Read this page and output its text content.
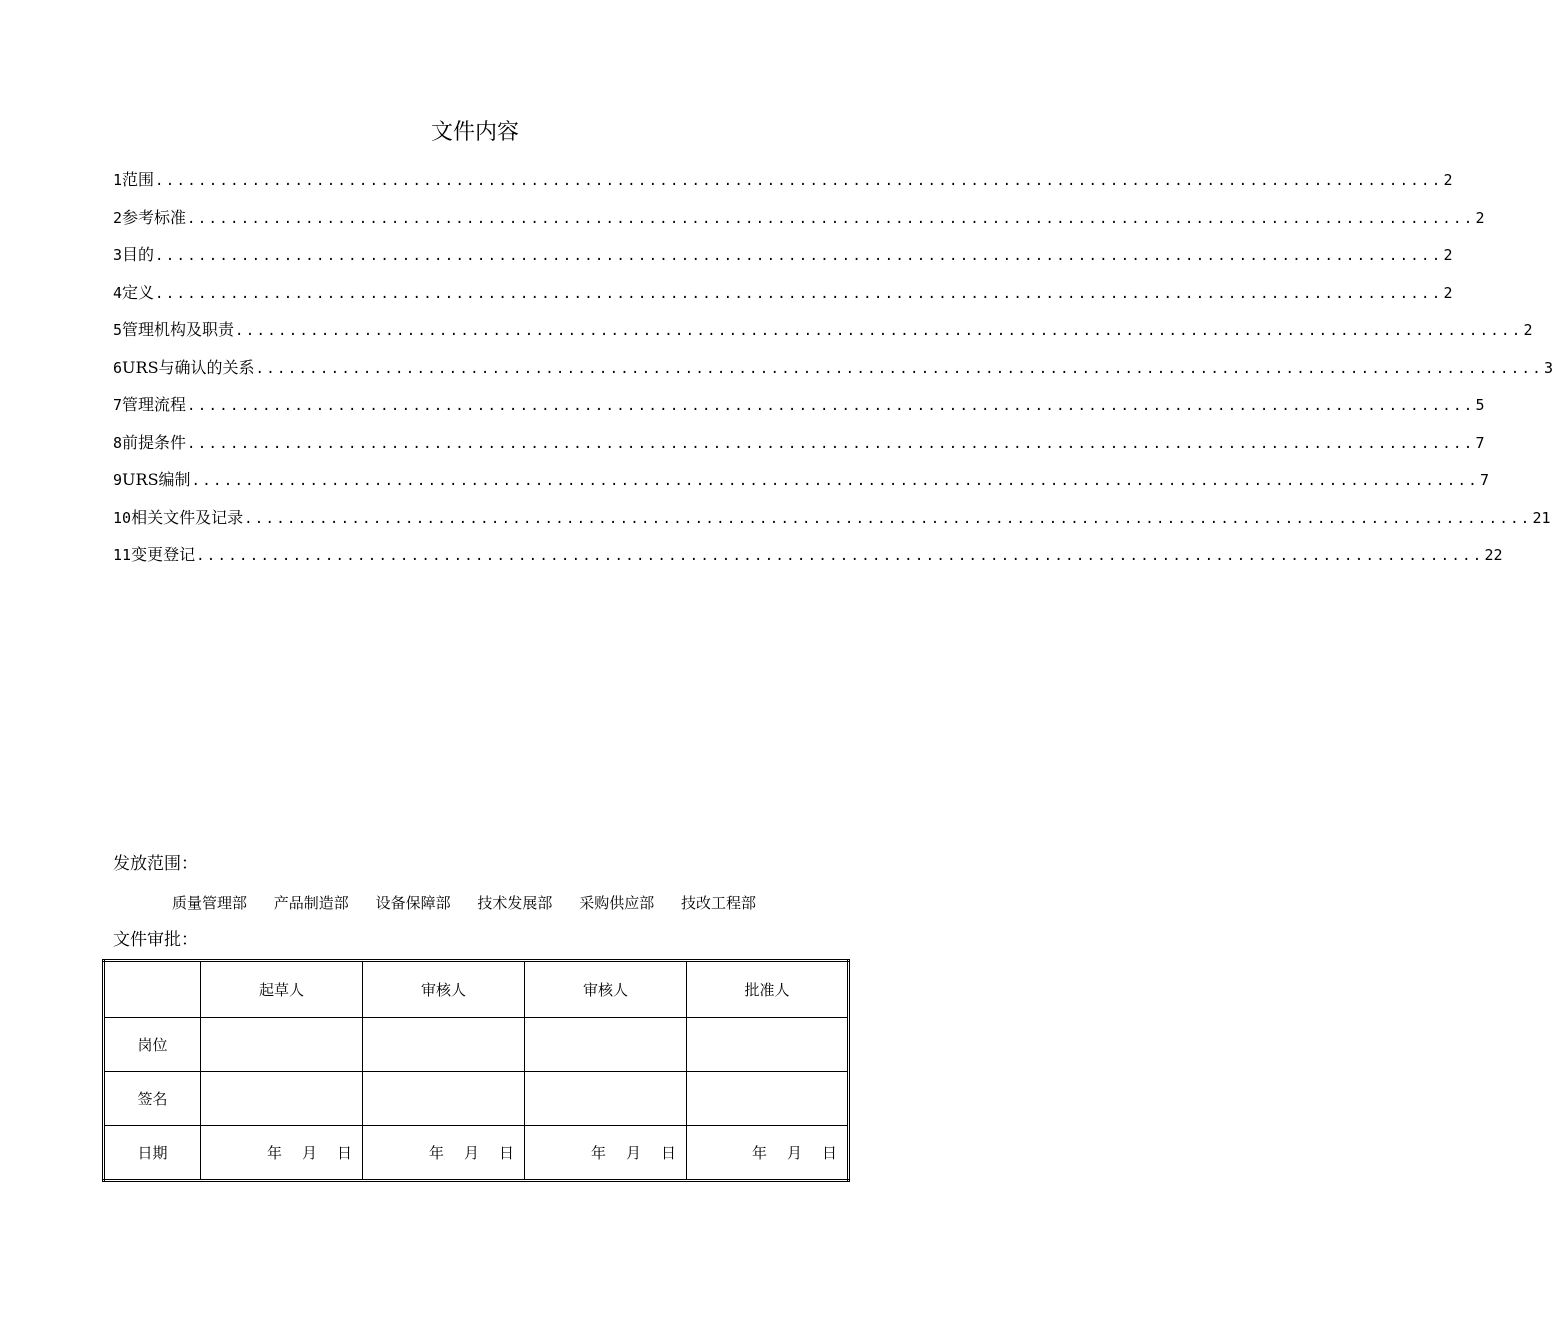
文件内容
1 范围 ........................................................................................................................ 2
2 参考标准 ........................................................................................................................ 2
3 目的 ........................................................................................................................ 2
4 定义 ........................................................................................................................ 2
5 管理机构及职责 ........................................................................................................................ 2
6 URS与确认的关系 ........................................................................................................................ 3
7 管理流程 ........................................................................................................................ 5
8 前提条件 ........................................................................................................................ 7
9 URS编制 ........................................................................................................................ 7
10 相关文件及记录 ........................................................................................................................ 21
11 变更登记 ........................................................................................................................ 22
发放范围：
质量管理部 产品制造部 设备保障部 技术发展部 采购供应部 技改工程部
文件审批：
	起草人	审核人	审核人	批准人
岗位				
签名				
日期	年 月 日	年 月 日	年 月 日	年 月 日
